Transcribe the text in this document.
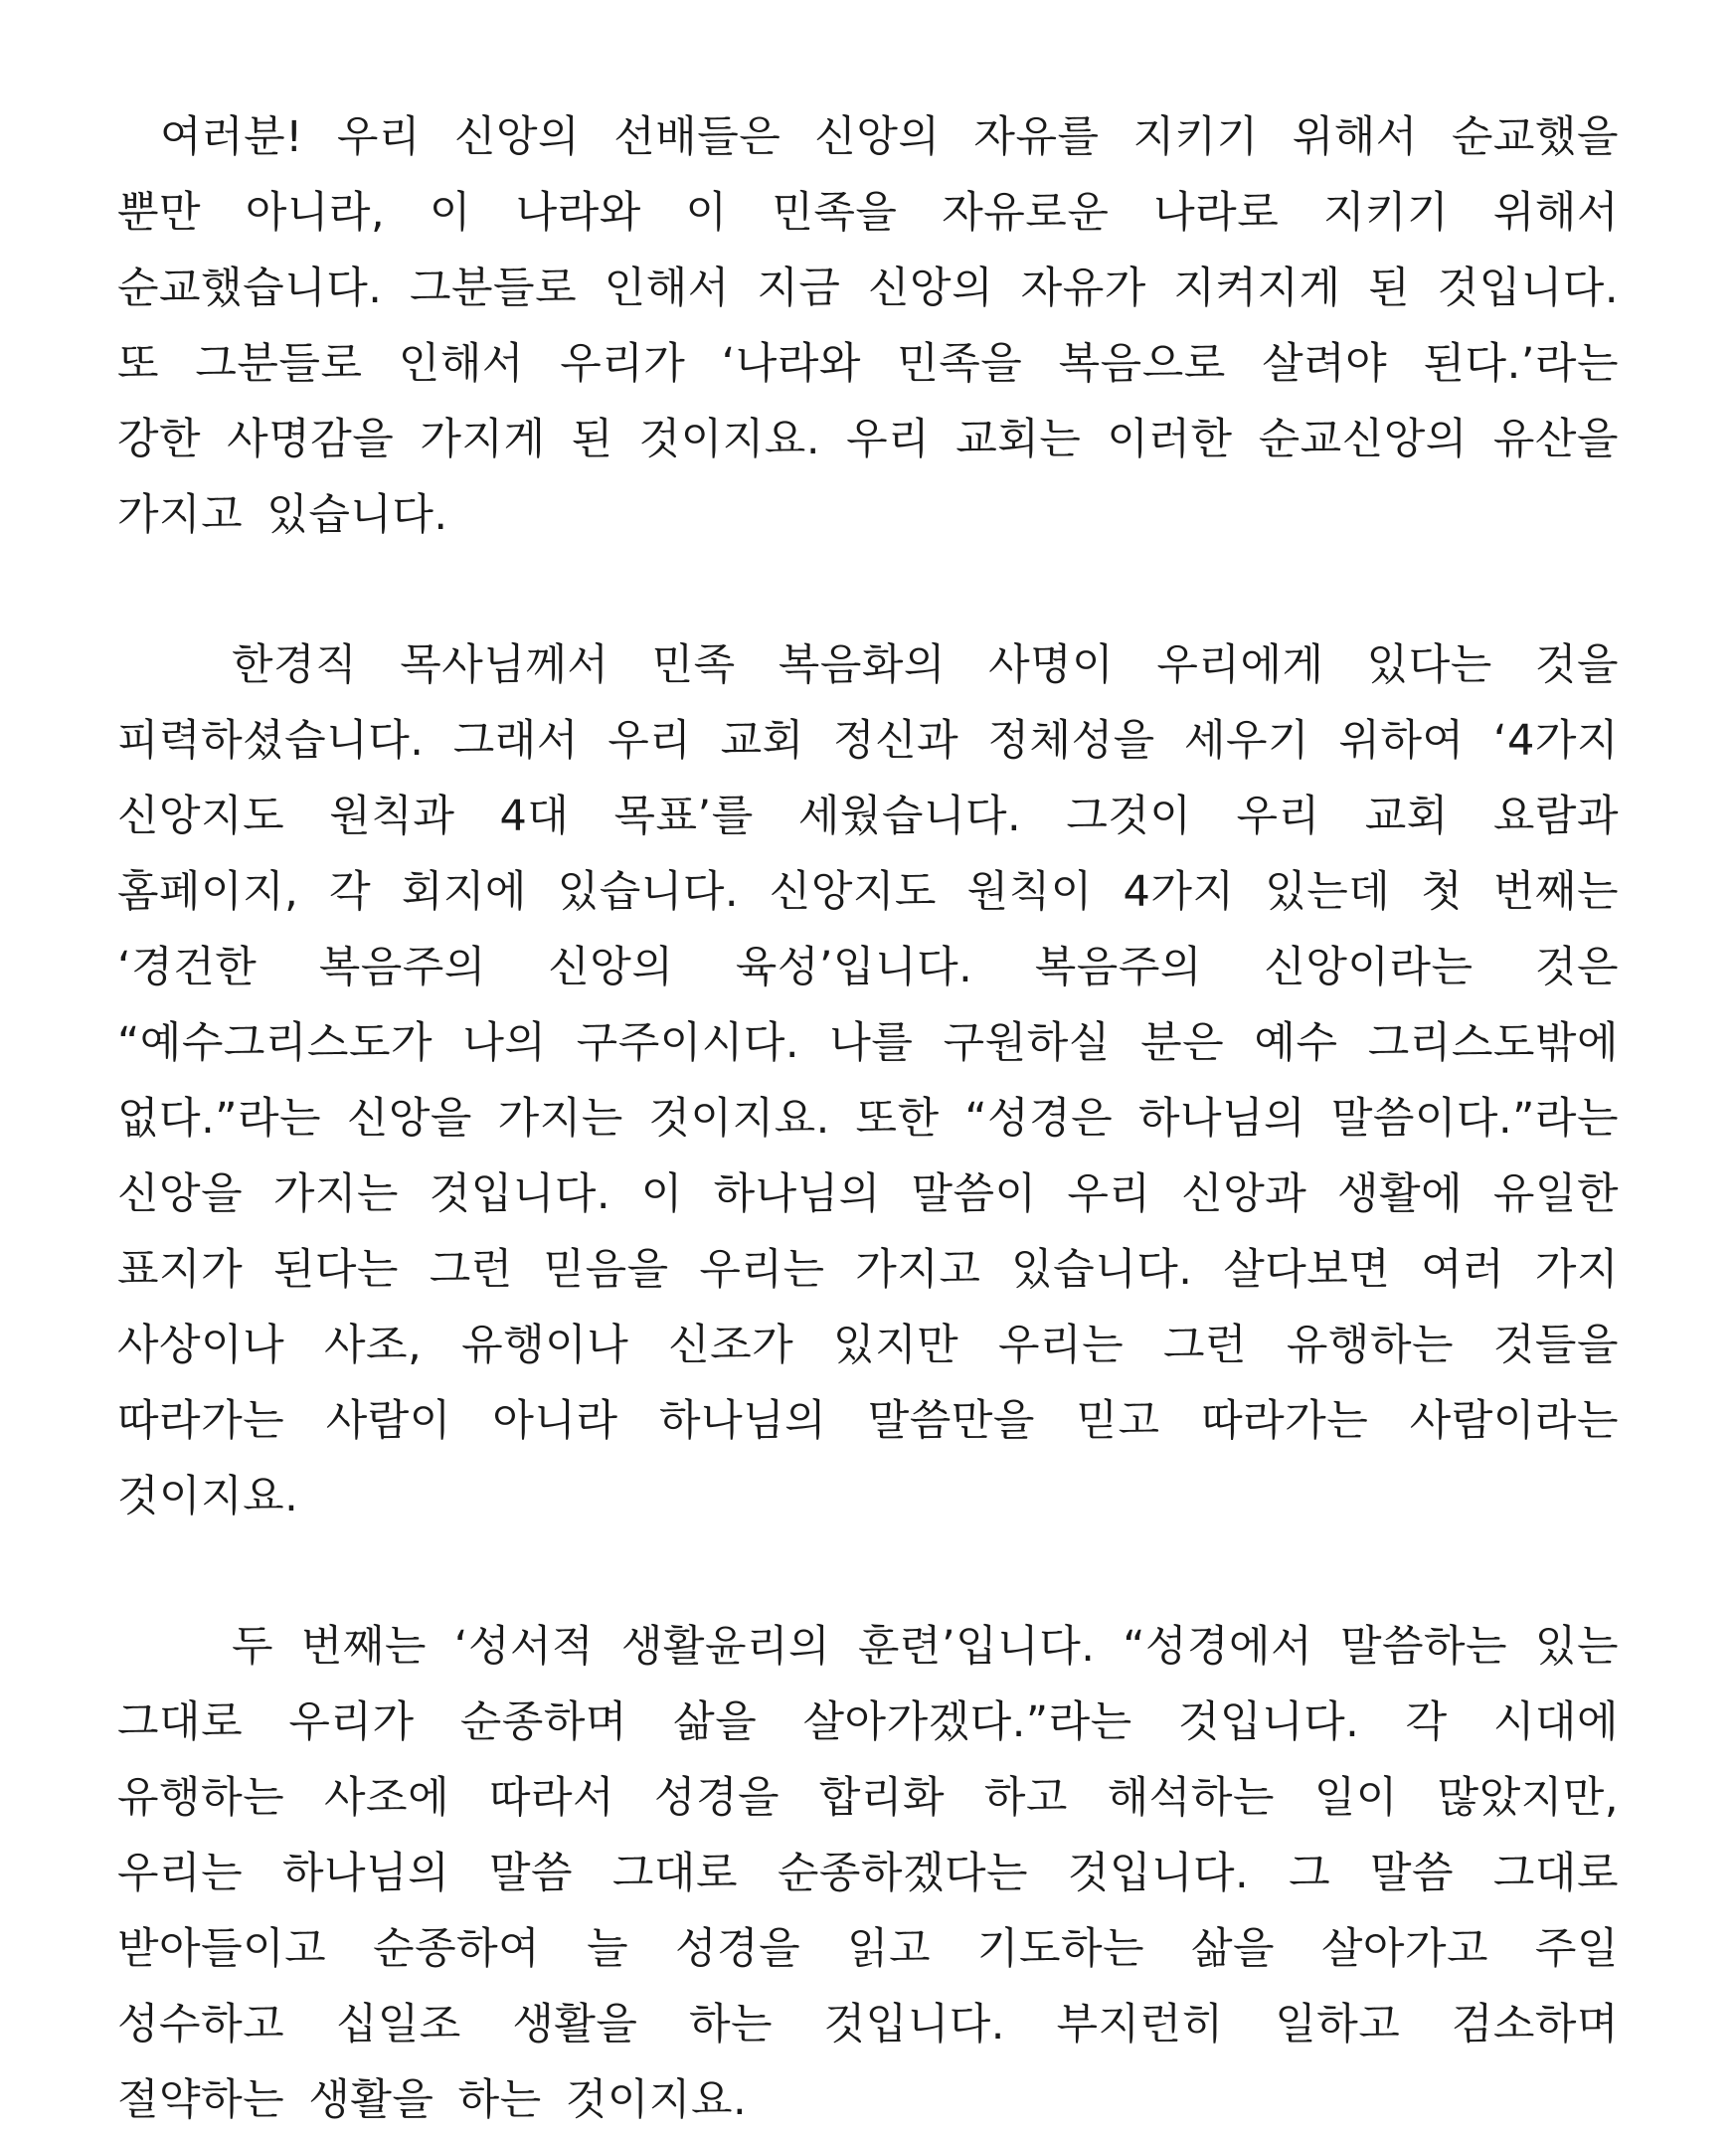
여러분! 우리 신앙의 선배들은 신앙의 자유를 지키기 위해서 순교했을 뿐만 아니라, 이 나라와 이 민족을 자유로운 나라로 지키기 위해서 순교했습니다. 그분들로 인해서 지금 신앙의 자유가 지켜지게 된 것입니다. 또 그분들로 인해서 우리가 ‘나라와 민족을 복음으로 살려야 된다.’라는 강한 사명감을 가지게 된 것이지요. 우리 교회는 이러한 순교신앙의 유산을 가지고 있습니다.

한경직 목사님께서 민족 복음화의 사명이 우리에게 있다는 것을 피력하셨습니다. 그래서 우리 교회 정신과 정체성을 세우기 위하여 ‘4가지 신앙지도 원칙과 4대 목표’를 세웠습니다. 그것이 우리 교회 요람과 홈페이지, 각 회지에 있습니다. 신앙지도 원칙이 4가지 있는데 첫 번째는 ‘경건한 복음주의 신앙의 육성’입니다. 복음주의 신앙이라는 것은 “예수그리스도가 나의 구주이시다. 나를 구원하실 분은 예수 그리스도밖에 없다.”라는 신앙을 가지는 것이지요. 또한 “성경은 하나님의 말씀이다.”라는 신앙을 가지는 것입니다. 이 하나님의 말씀이 우리 신앙과 생활에 유일한 표지가 된다는 그런 믿음을 우리는 가지고 있습니다. 살다보면 여러 가지 사상이나 사조, 유행이나 신조가 있지만 우리는 그런 유행하는 것들을 따라가는 사람이 아니라 하나님의 말씀만을 믿고 따라가는 사람이라는 것이지요.

두 번째는 ‘성서적 생활윤리의 훈련’입니다. “성경에서 말씀하는 있는 그대로 우리가 순종하며 삶을 살아가겠다.”라는 것입니다. 각 시대에 유행하는 사조에 따라서 성경을 합리화 하고 해석하는 일이 많았지만, 우리는 하나님의 말씀 그대로 순종하겠다는 것입니다. 그 말씀 그대로 받아들이고 순종하여 늘 성경을 읽고 기도하는 삶을 살아가고 주일 성수하고 십일조 생활을 하는 것입니다. 부지런히 일하고 검소하며 절약하는 생활을 하는 것이지요.
